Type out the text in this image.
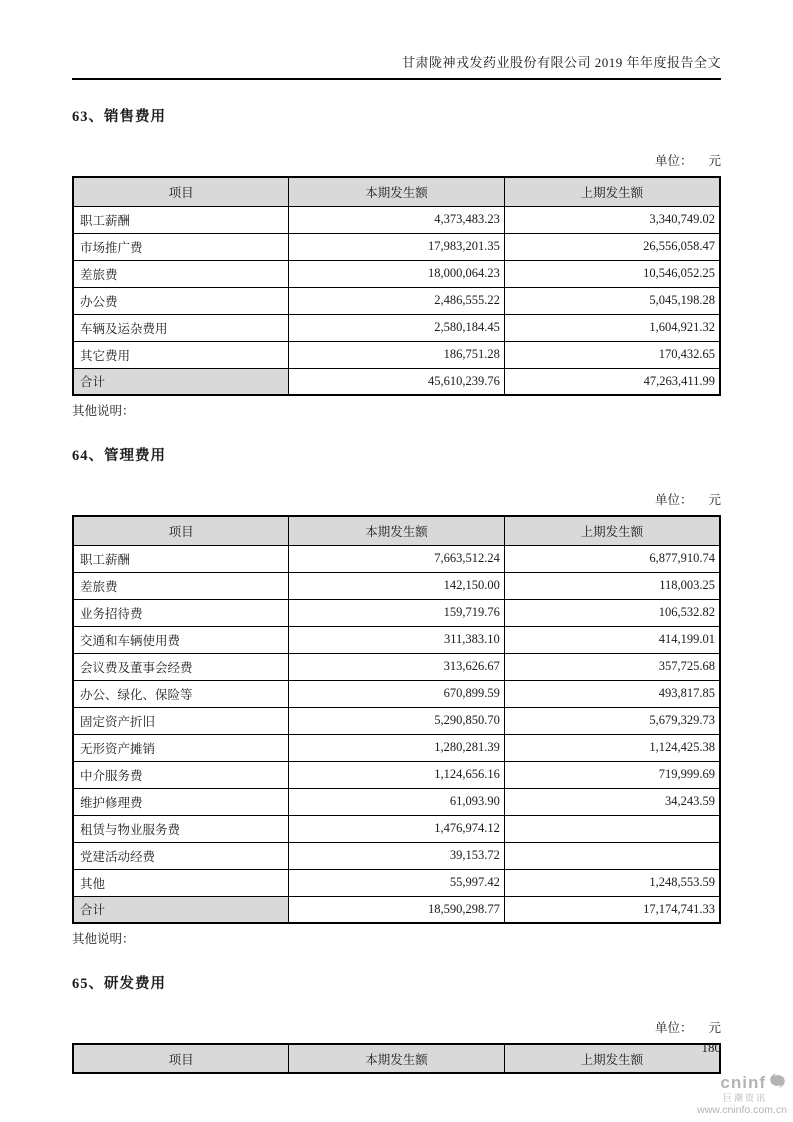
甘肃陇神戎发药业股份有限公司 2019 年年度报告全文
63、销售费用
单位： 元
项目	本期发生额	上期发生额
职工薪酬	4,373,483.23	3,340,749.02
市场推广费	17,983,201.35	26,556,058.47
差旅费	18,000,064.23	10,546,052.25
办公费	2,486,555.22	5,045,198.28
车辆及运杂费用	2,580,184.45	1,604,921.32
其它费用	186,751.28	170,432.65
合计	45,610,239.76	47,263,411.99
其他说明：
64、管理费用
单位： 元
项目	本期发生额	上期发生额
职工薪酬	7,663,512.24	6,877,910.74
差旅费	142,150.00	118,003.25
业务招待费	159,719.76	106,532.82
交通和车辆使用费	311,383.10	414,199.01
会议费及董事会经费	313,626.67	357,725.68
办公、绿化、保险等	670,899.59	493,817.85
固定资产折旧	5,290,850.70	5,679,329.73
无形资产摊销	1,280,281.39	1,124,425.38
中介服务费	1,124,656.16	719,999.69
维护修理费	61,093.90	34,243.59
租赁与物业服务费	1,476,974.12	
党建活动经费	39,153.72	
其他	55,997.42	1,248,553.59
合计	18,590,298.77	17,174,741.33
其他说明：
65、研发费用
单位： 元
项目	本期发生额	上期发生额
180
cninf
巨潮资讯
www.cninfo.com.cn
